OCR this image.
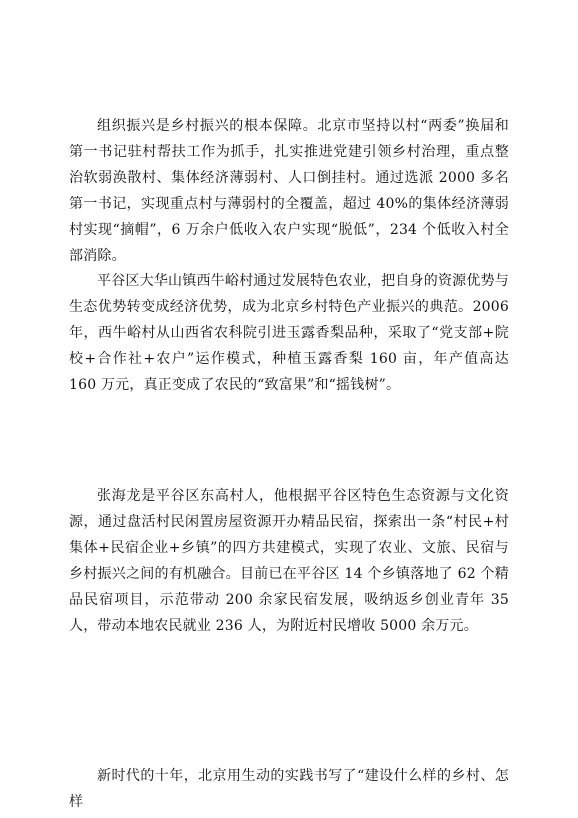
组织振兴是乡村振兴的根本保障。北京市坚持以村“两委”换届和第一书记驻村帮扶工作为抓手，扎实推进党建引领乡村治理，重点整治软弱涣散村、集体经济薄弱村、人口倒挂村。通过选派 2000 多名第一书记，实现重点村与薄弱村的全覆盖，超过 40%的集体经济薄弱村实现“摘帽”，6 万余户低收入农户实现“脱低”，234 个低收入村全部消除。

平谷区大华山镇西牛峪村通过发展特色农业，把自身的资源优势与生态优势转变成经济优势，成为北京乡村特色产业振兴的典范。2006 年，西牛峪村从山西省农科院引进玉露香梨品种，采取了“党支部+院校+合作社+农户”运作模式，种植玉露香梨 160 亩，年产值高达 160 万元，真正变成了农民的“致富果”和“摇钱树”。

张海龙是平谷区东高村人，他根据平谷区特色生态资源与文化资源，通过盘活村民闲置房屋资源开办精品民宿，探索出一条“村民+村集体+民宿企业+乡镇”的四方共建模式，实现了农业、文旅、民宿与乡村振兴之间的有机融合。目前已在平谷区 14 个乡镇落地了 62 个精品民宿项目，示范带动 200 余家民宿发展，吸纳返乡创业青年 35 人，带动本地农民就业 236 人，为附近村民增收 5000 余万元。

新时代的十年，北京用生动的实践书写了“建设什么样的乡村、怎样
